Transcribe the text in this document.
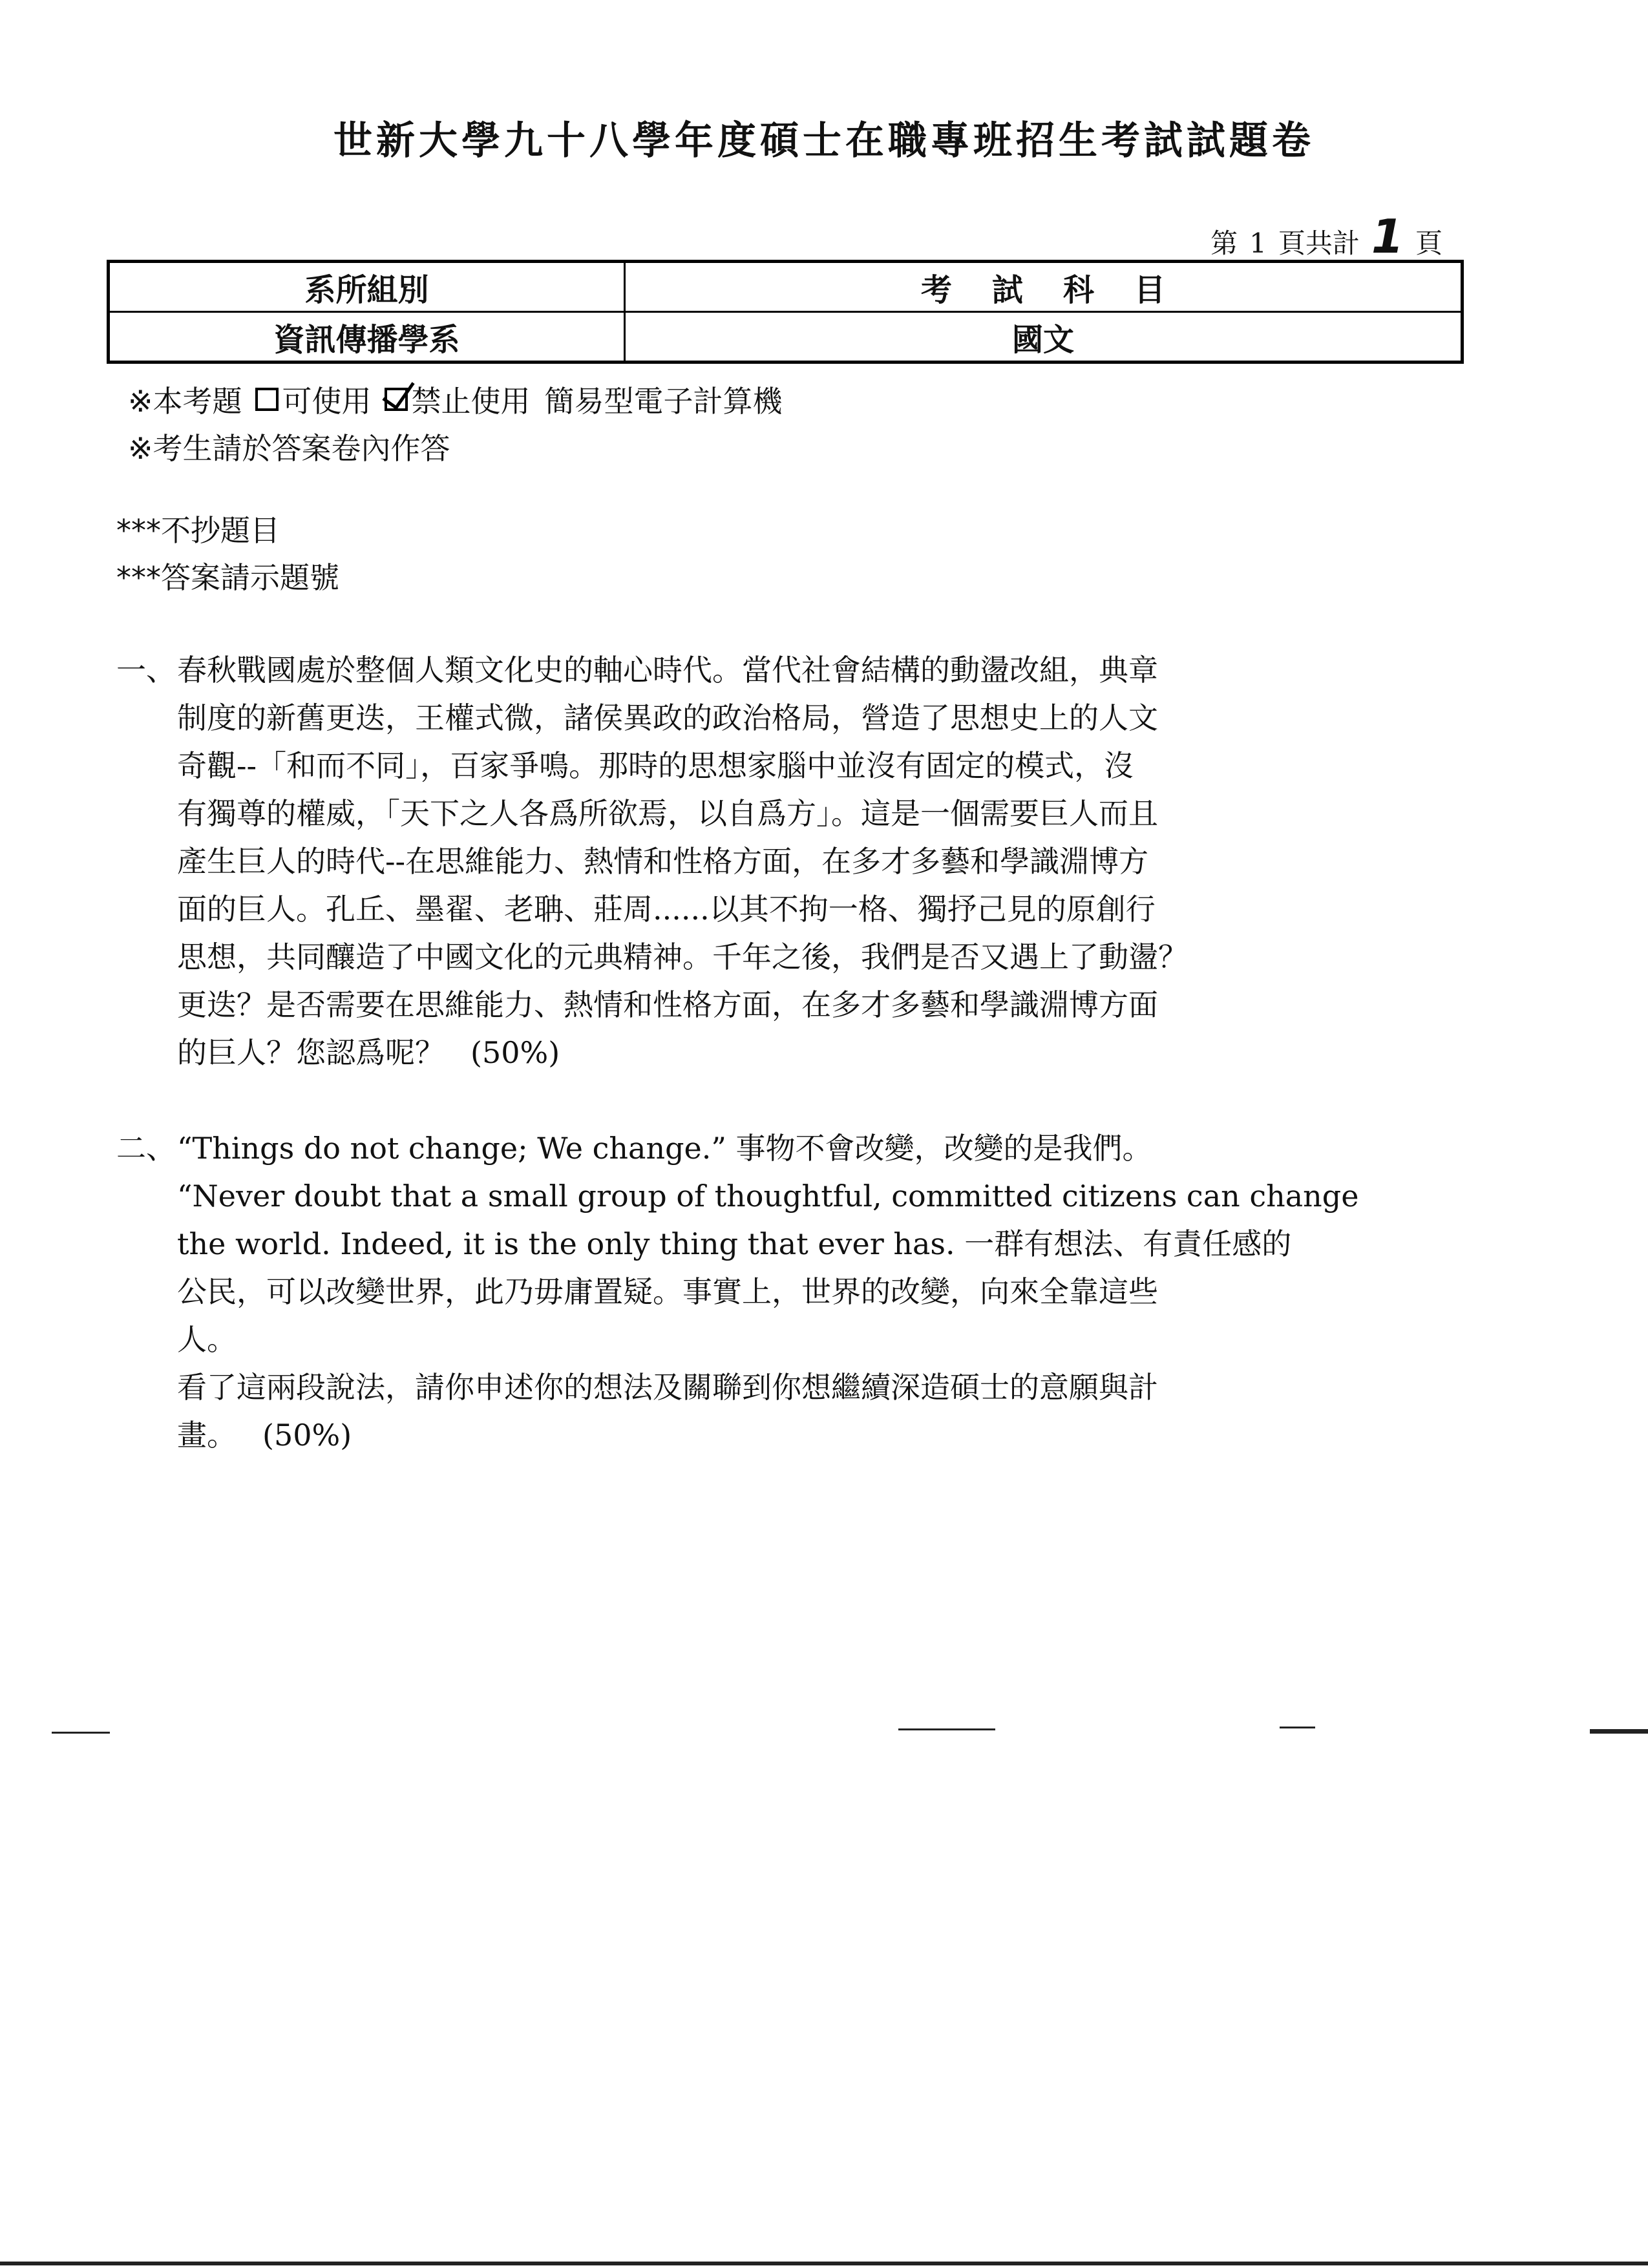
世新大學九十八學年度碩士在職專班招生考試試題卷
第 1 頁共計 1 頁
系所組別	考試科目
資訊傳播學系	國文
※本考題 可使用 禁止使用 簡易型電子計算機
※考生請於答案卷內作答
***不抄題目
***答案請示題號
一、 春秋戰國處於整個人類文化史的軸心時代。當代社會結構的動盪改組，典章

制度的新舊更迭，王權式微，諸侯異政的政治格局，營造了思想史上的人文

奇觀--「和而不同」，百家爭鳴。那時的思想家腦中並沒有固定的模式，沒

有獨尊的權威，「天下之人各爲所欲焉，以自爲方」。這是一個需要巨人而且

產生巨人的時代--在思維能力、熱情和性格方面，在多才多藝和學識淵博方

面的巨人。孔丘、墨翟、老聃、莊周......以其不拘一格、獨抒己見的原創行

思想，共同釀造了中國文化的元典精神。千年之後，我們是否又遇上了動盪？

更迭？是否需要在思維能力、熱情和性格方面，在多才多藝和學識淵博方面

的巨人？您認爲呢？ (50%)

二、 “Things do not change; We change.” 事物不會改變，改變的是我們。

“Never doubt that a small group of thoughtful, committed citizens can change

the world. Indeed, it is the only thing that ever has. 一群有想法、有責任感的

公民，可以改變世界，此乃毋庸置疑。事實上，世界的改變，向來全靠這些

人。

看了這兩段說法，請你申述你的想法及關聯到你想繼續深造碩士的意願與計

畫。 (50%)
